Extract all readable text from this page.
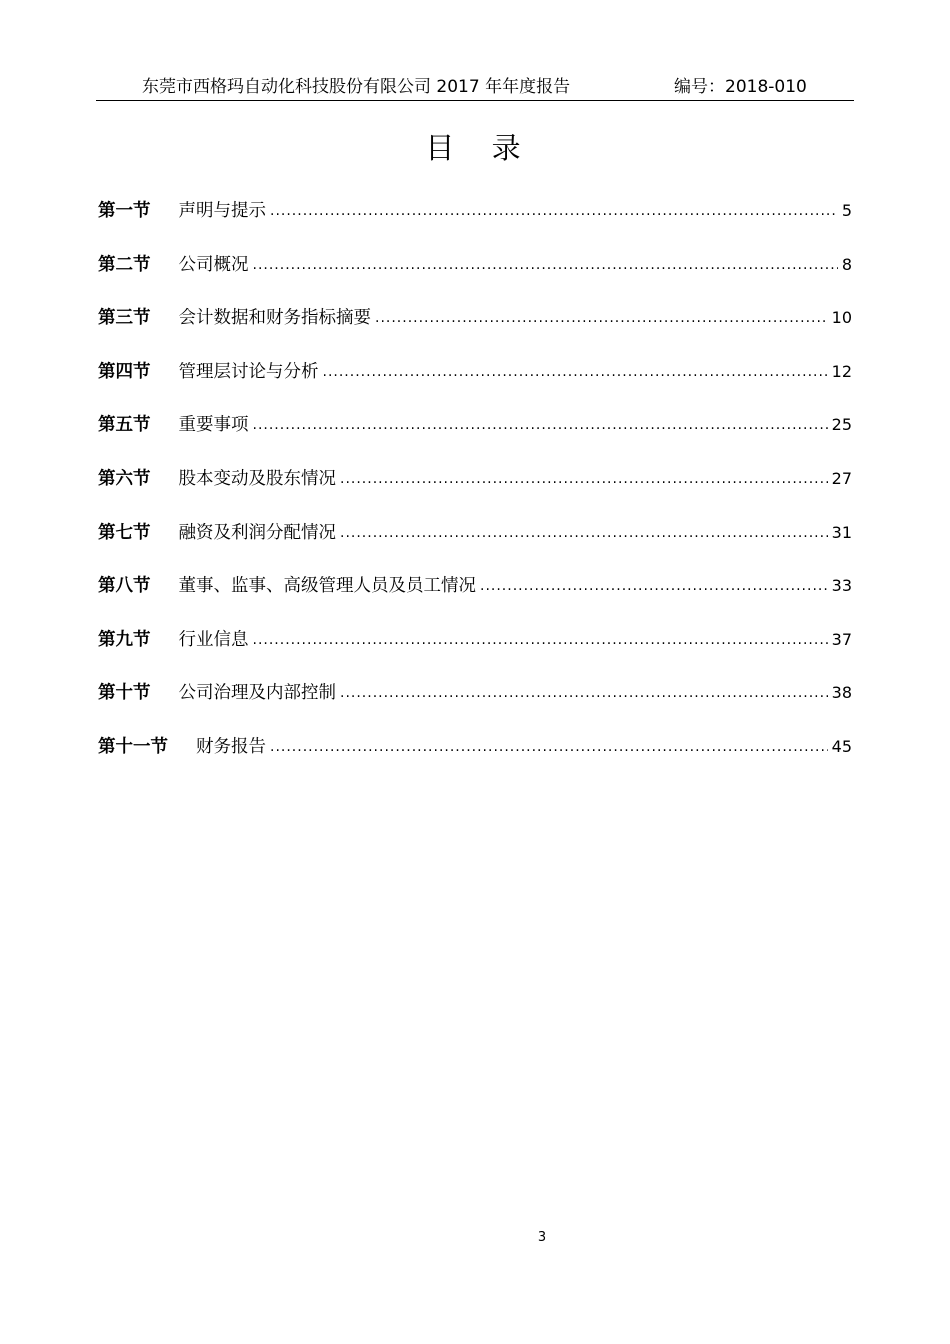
东莞市西格玛自动化科技股份有限公司 2017 年年度报告	编号：2018-010
目 录
第一节	声明与提示 .....	5
第二节	公司概况 .....	8
第三节	会计数据和财务指标摘要 .....	10
第四节	管理层讨论与分析 .....	12
第五节	重要事项 .....	25
第六节	股本变动及股东情况 .....	27
第七节	融资及利润分配情况 .....	31
第八节	董事、监事、高级管理人员及员工情况 .....	33
第九节	行业信息 .....	37
第十节	公司治理及内部控制 .....	38
第十一节	财务报告 .....	45
3
